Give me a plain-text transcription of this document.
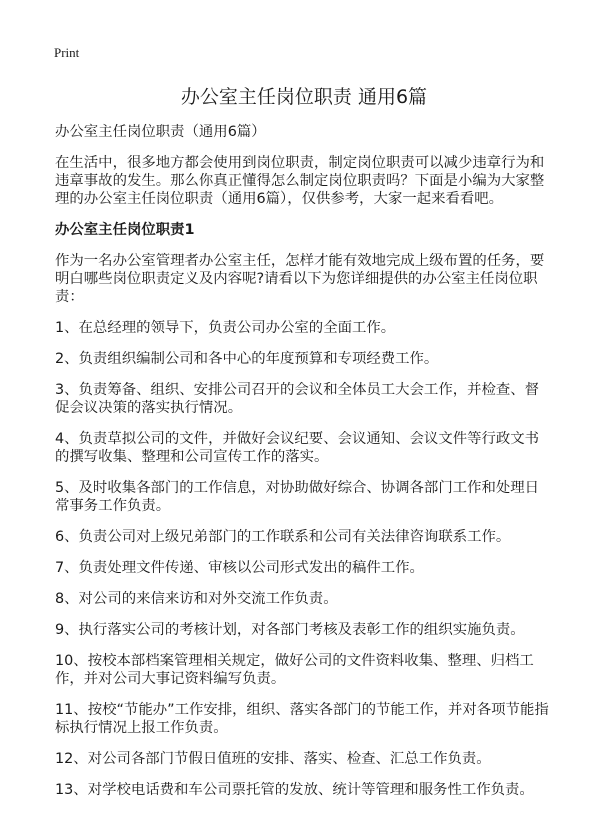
Print
办公室主任岗位职责 通用6篇

办公室主任岗位职责（通用6篇）

在生活中，很多地方都会使用到岗位职责，制定岗位职责可以减少违章行为和违章事故的发生。那么你真正懂得怎么制定岗位职责吗？下面是小编为大家整理的办公室主任岗位职责（通用6篇），仅供参考，大家一起来看看吧。

办公室主任岗位职责1

作为一名办公室管理者办公室主任，怎样才能有效地完成上级布置的任务，要明白哪些岗位职责定义及内容呢?请看以下为您详细提供的办公室主任岗位职责：

1、在总经理的领导下，负责公司办公室的全面工作。

2、负责组织编制公司和各中心的年度预算和专项经费工作。

3、负责筹备、组织、安排公司召开的会议和全体员工大会工作，并检查、督促会议决策的落实执行情况。

4、负责草拟公司的文件，并做好会议纪要、会议通知、会议文件等行政文书的撰写收集、整理和公司宣传工作的落实。

5、及时收集各部门的工作信息，对协助做好综合、协调各部门工作和处理日常事务工作负责。

6、负责公司对上级兄弟部门的工作联系和公司有关法律咨询联系工作。

7、负责处理文件传递、审核以公司形式发出的稿件工作。

8、对公司的来信来访和对外交流工作负责。

9、执行落实公司的考核计划，对各部门考核及表彰工作的组织实施负责。

10、按校本部档案管理相关规定，做好公司的文件资料收集、整理、归档工作，并对公司大事记资料编写负责。

11、按校“节能办”工作安排，组织、落实各部门的节能工作，并对各项节能指标执行情况上报工作负责。

12、对公司各部门节假日值班的安排、落实、检查、汇总工作负责。

13、对学校电话费和车公司票托管的发放、统计等管理和服务性工作负责。
